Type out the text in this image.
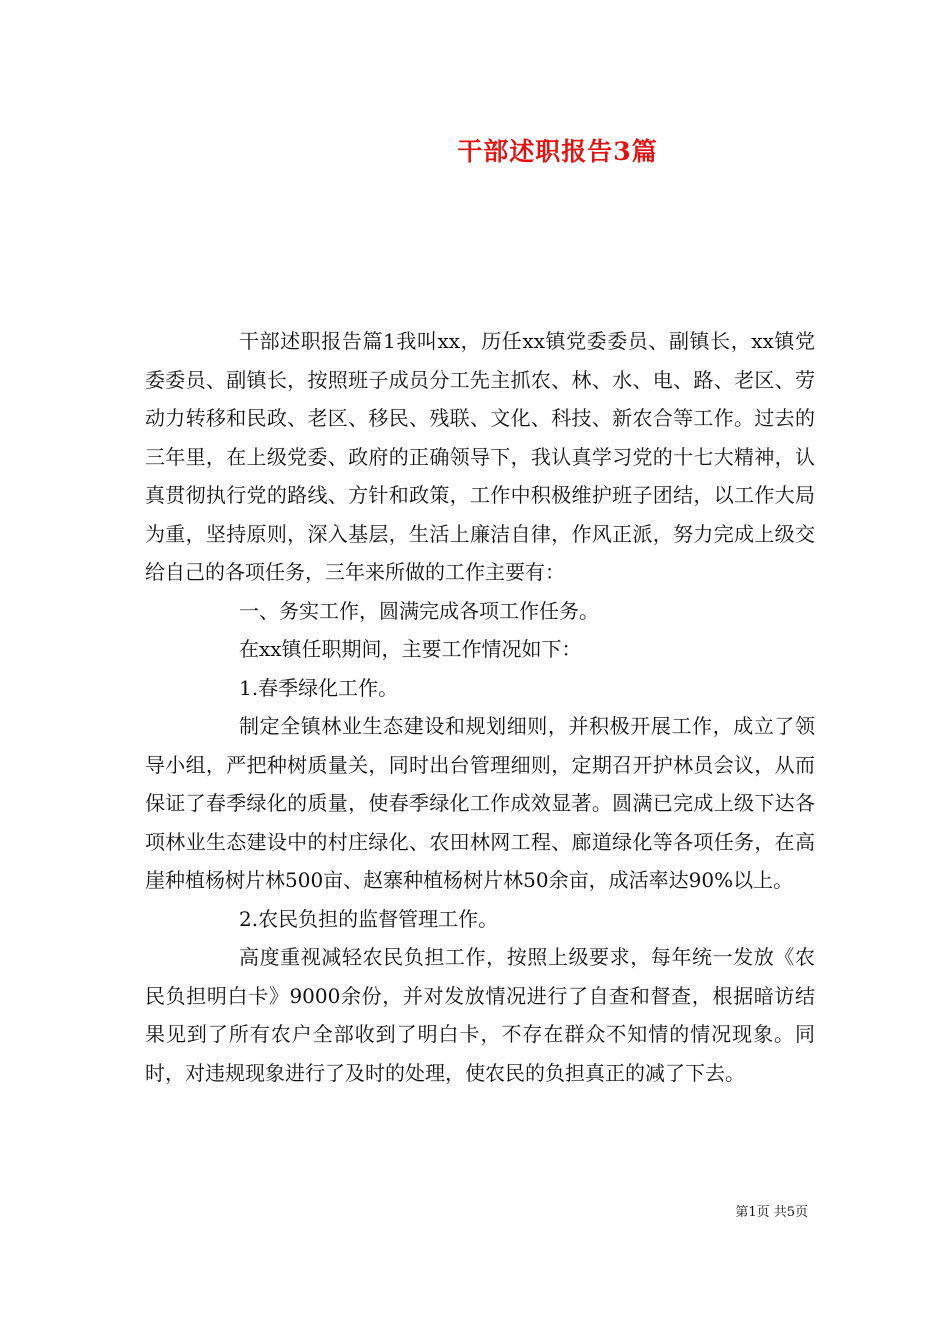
干部述职报告3篇

干部述职报告篇1我叫xx，历任xx镇党委委员、副镇长，xx镇党委委员、副镇长，按照班子成员分工先主抓农、林、水、电、路、老区、劳动力转移和民政、老区、移民、残联、文化、科技、新农合等工作。过去的三年里，在上级党委、政府的正确领导下，我认真学习党的十七大精神，认真贯彻执行党的路线、方针和政策，工作中积极维护班子团结，以工作大局为重，坚持原则，深入基层，生活上廉洁自律，作风正派，努力完成上级交给自己的各项任务，三年来所做的工作主要有：

一、务实工作，圆满完成各项工作任务。

在xx镇任职期间，主要工作情况如下：

1.春季绿化工作。

制定全镇林业生态建设和规划细则，并积极开展工作，成立了领导小组，严把种树质量关，同时出台管理细则，定期召开护林员会议，从而保证了春季绿化的质量，使春季绿化工作成效显著。圆满已完成上级下达各项林业生态建设中的村庄绿化、农田林网工程、廊道绿化等各项任务，在高崖种植杨树片林500亩、赵寨种植杨树片林50余亩，成活率达90%以上。

2.农民负担的监督管理工作。

高度重视减轻农民负担工作，按照上级要求，每年统一发放《农民负担明白卡》9000余份，并对发放情况进行了自查和督查，根据暗访结果见到了所有农户全部收到了明白卡，不存在群众不知情的情况现象。同时，对违规现象进行了及时的处理，使农民的负担真正的减了下去。

第1页 共5页
